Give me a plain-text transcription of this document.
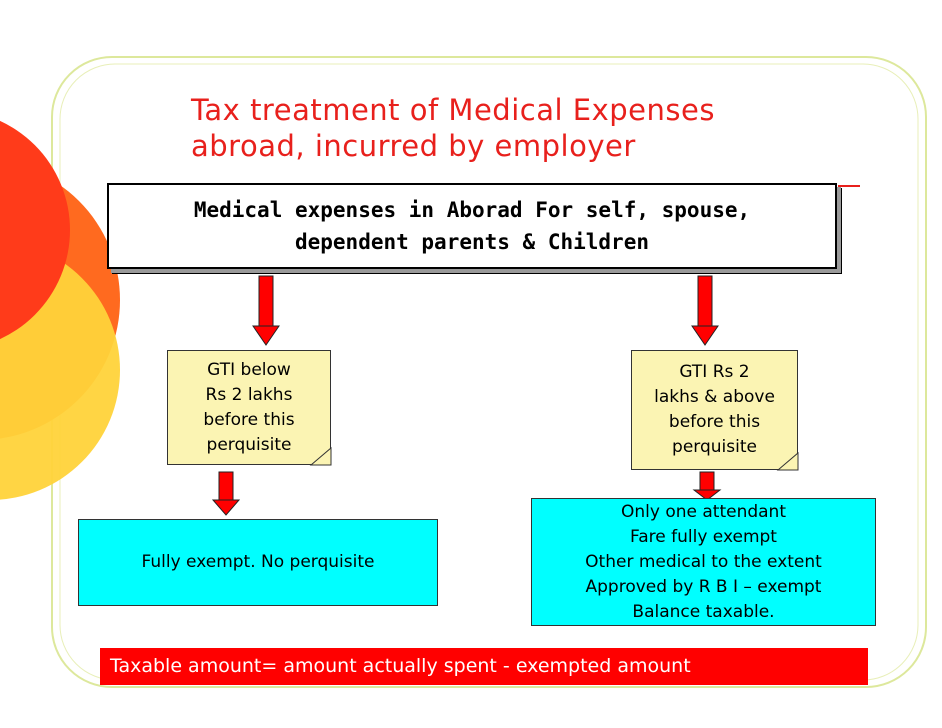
Tax treatment of Medical Expenses
abroad, incurred by employer
Medical expenses in Aborad For self, spouse,
dependent parents & Children
GTI below
Rs 2 lakhs
before this
perquisite
GTI Rs 2
lakhs & above
before this
perquisite
Fully exempt. No perquisite
Only one attendant
Fare fully exempt
Other medical to the extent
Approved by R B I – exempt
Balance taxable.
Taxable amount= amount actually spent - exempted amount
